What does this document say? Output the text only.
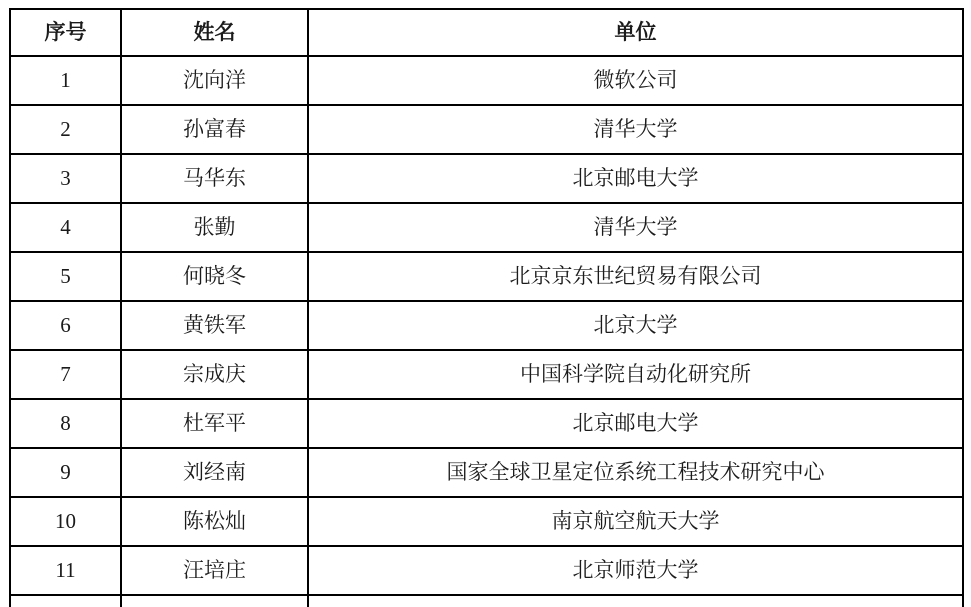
序号	姓名	单位
1	沈向洋	微软公司
2	孙富春	清华大学
3	马华东	北京邮电大学
4	张勤	清华大学
5	何晓冬	北京京东世纪贸易有限公司
6	黄铁军	北京大学
7	宗成庆	中国科学院自动化研究所
8	杜军平	北京邮电大学
9	刘经南	国家全球卫星定位系统工程技术研究中心
10	陈松灿	南京航空航天大学
11	汪培庄	北京师范大学
